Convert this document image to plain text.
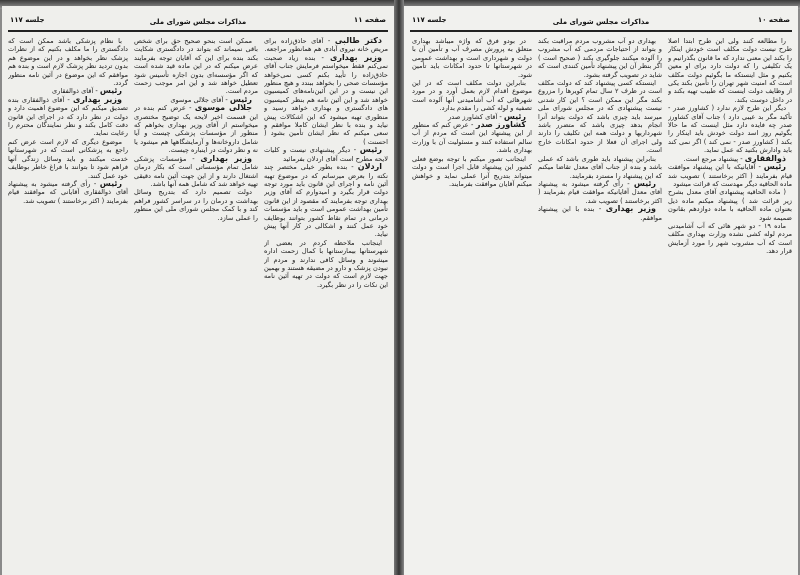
صفحه ۱۱
مذاکرات مجلس شورای ملی
جلسه ۱۱۷

دکتر طالبی - آقای حاذق‌زاده برای مریض خانه نیروی آبادی هم همانطور مراجعه.

وزیر بهداری - بنده زیاد صحبت نمی‌کنم فقط میخواستم فرمایش جناب آقای حاذق‌زاده را تأیید بکنم کسی نمی‌خواهد مؤسسات صحی را بخواهد ببندد و هیچ منظور این نیست و در این آئین‌نامه‌های کمیسیون خواهد شد و این آئین نامه هم بنظر کمیسیون های دادگستری و بهداری خواهد رسید و منظوری تهیه میشود که این اشکالات پیش نیاید و بنده با نظر ایشان کاملا موافقم و سعی میکنم که نظر ایشان تأمین بشود ( احسنت )

رئیس - دیگر پیشنهادی نیست و کلیات لایحه مطرح است آقای اردلان بفرمائید

اردلان - بنده بطور خیلی مختصر چند نکته را بعرض میرسانم که در موضوع تهیه آئین نامه و اجرای این قانون باید مورد توجه دولت قرار بگیرد و امیدوارم که آقای وزیر بهداری توجه بفرمایند که مقصود از این قانون تأمین بهداشت عمومی است و باید مؤسسات درمانی در تمام نقاط کشور بتوانند بوظایف خود عمل کنند و اشکالی در کار آنها پیش نیاید.

اینجانب ملاحظه کردم در بعضی از شهرستانها بیمارستانها با کمال زحمت اداره میشوند و وسائل کافی ندارند و مردم از نبودن پزشک و دارو در مضیقه هستند و بهمین جهت لازم است که دولت در تهیه آئین نامه این نکات را در نظر بگیرد.

ممکن است بنحو صحیح حق برای شخص باقی نمیماند که بتواند در دادگستری شکایت بکند بنده برای این که آقایان توجه بفرمایند عرض میکنم که در این ماده قید شده است که اگر مؤسسه‌ای بدون اجازه تأسیس شود تعطیل خواهد شد و این امر موجب زحمت مردم است.

رئیس - آقای جلالی موسوی

جلالی موسوی - عرض کنم بنده در این قسمت اخیر لایحه یک توضیح مختصری میخواستم از آقای وزیر بهداری بخواهم که منظور از مؤسسات پزشکی چیست و آیا شامل داروخانه‌ها و آزمایشگاهها هم میشود یا نه و نظر دولت در اینباره چیست.

وزیر بهداری - مؤسسات پزشکی شامل تمام مؤسساتی است که بکار درمان اشتغال دارند و از این جهت آئین نامه دقیقی تهیه خواهد شد که شامل همه آنها باشد.

دولت تصمیم دارد که بتدریج وسائل بهداشت و درمان را در سراسر کشور فراهم کند و با کمک مجلس شورای ملی این منظور را عملی سازد.

با نظام پزشکی باشد ممکن است که دادگستری را ما مکلف بکنیم که از نظرات پزشک نظر بخواهد و در این موضوع هم بدون تردید نظر پزشک لازم است و بنده هم موافقم که این موضوع در آئین نامه منظور گردد.

رئیس - آقای ذوالفقاری

وزیر بهداری - آقای ذوالفقاری بنده تصدیق میکنم که این موضوع اهمیت دارد و دولت در نظر دارد که در اجرای این قانون دقت کامل بکند و نظر نمایندگان محترم را رعایت نماید.

موضوع دیگری که لازم است عرض کنم راجع به پزشکانی است که در شهرستانها خدمت میکنند و باید وسائل زندگی آنها فراهم شود تا بتوانند با فراغ خاطر بوظایف خود عمل کنند.

رئیس - رأی گرفته میشود به پیشنهاد آقای ذوالفقاری آقایانی که موافقند قیام بفرمایند ( اکثر برخاستند ) تصویب شد.

صفحه ۱۰
مذاکرات مجلس شورای ملی
جلسه ۱۱۷

را مطالعه کنند ولی این طرح ابتدا اصلا طرح نیست دولت مکلف است خودش اینکار را بکند این معنی ندارد که ما قانون بگذرانیم و یک تکلیفی را که دولت دارد برای او معین بکنیم و مثل اینستکه ما بگوئیم دولت مکلف است که امنیت شهر تهران را تأمین بکند یکی از وظایف دولت اینست که طبیب تهیه بکند و در داخل دوست بکند.

دیگر این طرح لازم ندارد ( کشاورز صدر - تأکید مگر بد عیبی دارد ) جناب آقای کشاورز صدر چه فایده دارد مثل اینست که ما حالا بگوئیم روز اسد دولت خودش باید اینکار را بکند ( کشاورز صدر - نمی کند ) اگر نمی کند باید وادارش بکنید که عمل نماید.

ذوالفقاری - پیشنهاد مرجع است.

رئیس - آقایانیکه با این پیشنهاد موافقت قیام بفرمایند ( اکثر برخاستند ) تصویب شد ماده الحاقیه دیگر مهدست که قرائت میشود

( ماده الحاقیه پیشنهادی آقای معدل بشرح زیر قرائت شد ) پیشنهاد میکنم ماده ذیل بعنوان ماده الحاقیه با ماده دوازدهم بقانون ضمیمه شود

ماده ۱۹ - دو شهر هائی که آب آشامیدنی مردم لوله کشی نشده وزارت بهداری مکلف است که آب مشروب شهر را مورد آزمایش قرار دهد.

بهداری دو آب مشروب مردم مراقبت بکند و بتواند از احتیاجات مردمی که آب مشروب را آلوده میکنند جلوگیری بکند ( صحیح است ) اگر بنظر آن این پیشنهاد تأمین کنندی است که شاید در تصویب گرفته بشود.

اینستکه کسی پیشنهاد کند که دولت مکلف است در ظرف ۲ سال تمام کویرها را مزروع بکند مگر این ممکن است ؟ این کار شدنی نیست پیشنهادی که در مجلس شورای ملی میرسد باید چیزی باشد که دولت بتواند آنرا انجام بدهد چیزی باشد که متضرر باشد شهرداریها و دولت همه این تکلیف را دارند ولی اجرای آن فعلا از حدود امکانات خارج است.

بنابراین پیشنهاد باید طوری باشد که عملی باشد و بنده از جناب آقای معدل تقاضا میکنم که این پیشنهاد را مسترد بفرمایند.

رئیس - رأی گرفته میشود به پیشنهاد آقای معدل آقایانیکه موافقت قیام بفرمایند ( اکثر برخاستند ) تصویب شد.

وزیر بهداری - بنده با این پیشنهاد موافقم.

در بودو فرق که واژه میباشد بهداری متعلق به پرورش مصرف آب و تأمین آن با دولت و شهرداری است و بهداشت عمومی در شهرستانها تا حدود امکانات باید تأمین شود.

بنابراین دولت مکلف است که در این موضوع اقدام لازم بعمل آورد و در مورد شهرهائی که آب آشامیدنی آنها آلوده است تصفیه و لوله کشی را مقدم بدارد.

رئیس - آقای کشاورز صدر

کشاورز صدر - عرض کنم که منظور از این پیشنهاد این است که مردم از آب سالم استفاده کنند و مسئولیت آن با وزارت بهداری باشد.

اینجانب تصور میکنم با توجه بوضع فعلی کشور این پیشنهاد قابل اجرا است و دولت میتواند بتدریج آنرا عملی نماید و خواهش میکنم آقایان موافقت بفرمایند.
